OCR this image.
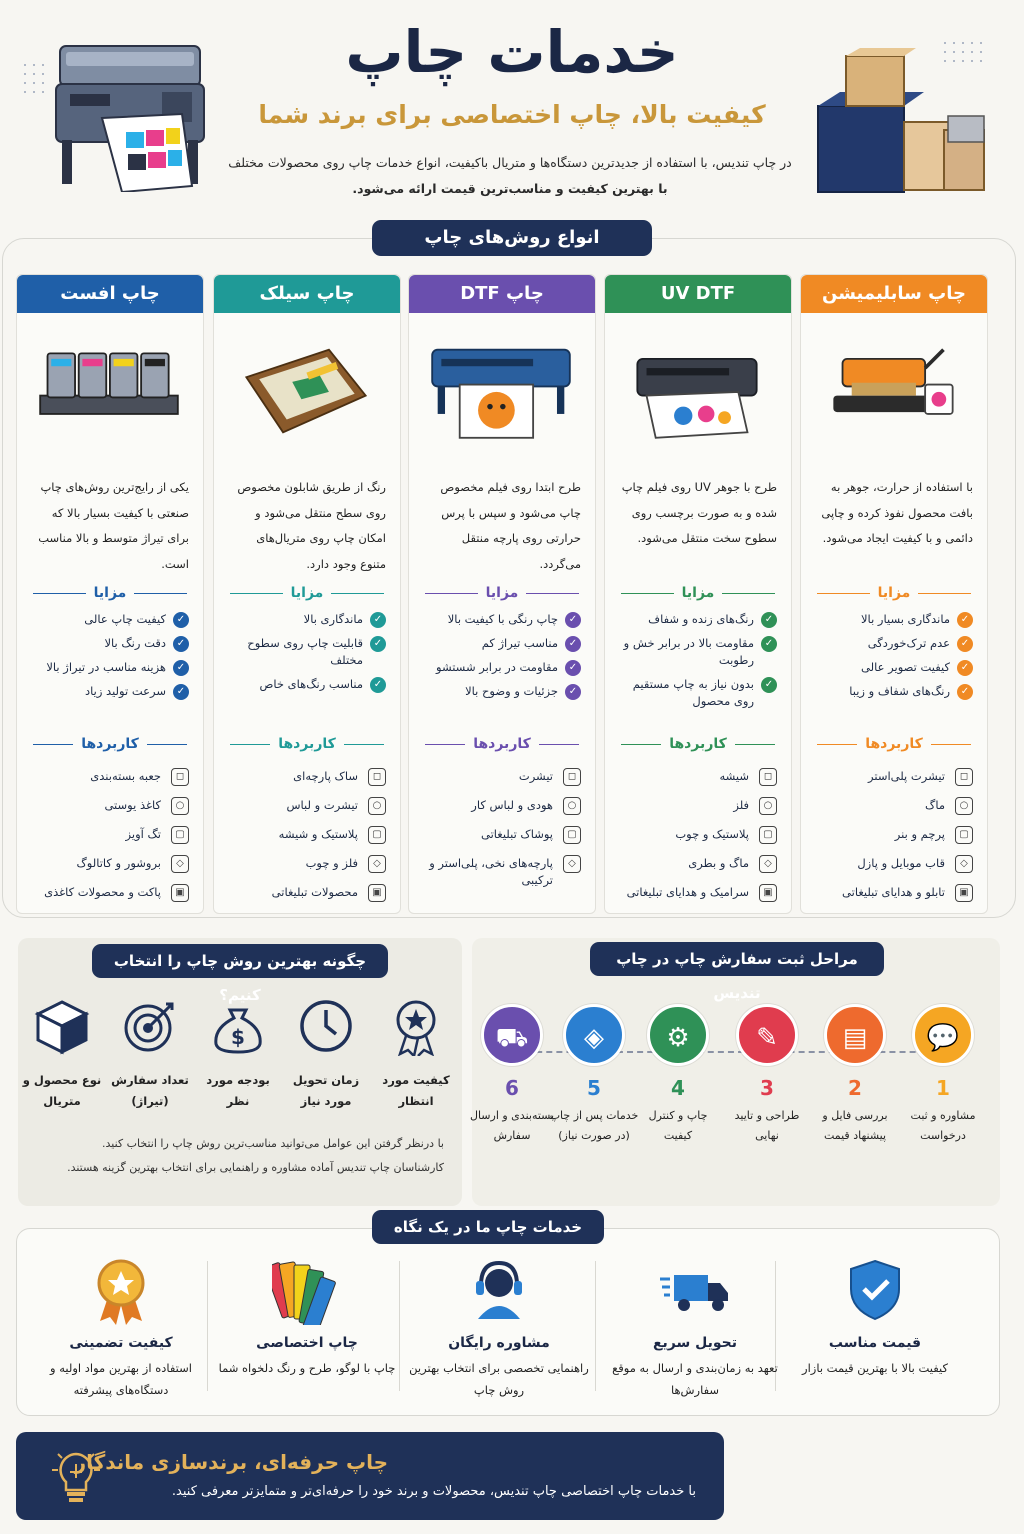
خدمات چاپ
کیفیت بالا، چاپ اختصاصی برای برند شما
در چاپ تندیس، با استفاده از جدیدترین دستگاه‌ها و متریال باکیفیت، انواع خدمات چاپ روی محصولات مختلف
با بهترین کیفیت و مناسب‌ترین قیمت ارائه می‌شود.
انواع روش‌های چاپ
چاپ سابلیمیشن
با استفاده از حرارت، جوهر به بافت محصول نفوذ کرده و چاپی دائمی و با کیفیت ایجاد می‌شود.
مزایا
✓
ماندگاری بسیار بالا
✓
عدم ترک‌خوردگی
✓
کیفیت تصویر عالی
✓
رنگ‌های شفاف و زیبا
کاربردها
◻
تیشرت پلی‌استر
○
ماگ
▢
پرچم و بنر
◇
قاب موبایل و پازل
▣
تابلو و هدایای تبلیغاتی
UV DTF
طرح با جوهر UV روی فیلم چاپ شده و به صورت برچسب روی سطوح سخت منتقل می‌شود.
مزایا
✓
رنگ‌های زنده و شفاف
✓
مقاومت بالا در برابر خش و رطوبت
✓
بدون نیاز به چاپ مستقیم روی محصول
کاربردها
◻
شیشه
○
فلز
▢
پلاستیک و چوب
◇
ماگ و بطری
▣
سرامیک و هدایای تبلیغاتی
چاپ DTF
طرح ابتدا روی فیلم مخصوص چاپ می‌شود و سپس با پرس حرارتی روی پارچه منتقل می‌گردد.
مزایا
✓
چاپ رنگی با کیفیت بالا
✓
مناسب تیراژ کم
✓
مقاومت در برابر شستشو
✓
جزئیات و وضوح بالا
کاربردها
◻
تیشرت
○
هودی و لباس کار
▢
پوشاک تبلیغاتی
◇
پارچه‌های نخی، پلی‌استر و ترکیبی
چاپ سیلک
رنگ از طریق شابلون مخصوص روی سطح منتقل می‌شود و امکان چاپ روی متریال‌های متنوع وجود دارد.
مزایا
✓
ماندگاری بالا
✓
قابلیت چاپ روی سطوح مختلف
✓
مناسب رنگ‌های خاص
کاربردها
◻
ساک پارچه‌ای
○
تیشرت و لباس
▢
پلاستیک و شیشه
◇
فلز و چوب
▣
محصولات تبلیغاتی
چاپ افست
یکی از رایج‌ترین روش‌های چاپ صنعتی با کیفیت بسیار بالا که برای تیراژ متوسط و بالا مناسب است.
مزایا
✓
کیفیت چاپ عالی
✓
دقت رنگ بالا
✓
هزینه مناسب در تیراژ بالا
✓
سرعت تولید زیاد
کاربردها
◻
جعبه بسته‌بندی
○
کاغذ یوستی
▢
تگ آویز
◇
بروشور و کاتالوگ
▣
پاکت و محصولات کاغذی
چگونه بهترین روش چاپ را انتخاب کنیم؟
کیفیت مورد انتظار
زمان تحویل مورد نیاز
$
بودجه مورد نظر
تعداد سفارش (تیراژ)
نوع محصول و متریال
با درنظر گرفتن این عوامل می‌توانید مناسب‌ترین روش چاپ را انتخاب کنید.
کارشناسان چاپ تندیس آماده مشاوره و راهنمایی برای انتخاب بهترین گزینه هستند.
مراحل ثبت سفارش چاپ در چاپ تندیس
💬
1
مشاوره و ثبت درخواست
▤
2
بررسی فایل و پیشنهاد قیمت
✎
3
طراحی و تایید نهایی
⚙
4
چاپ و کنترل کیفیت
◈
5
خدمات پس از چاپ (در صورت نیاز)
⛟
6
بسته‌بندی و ارسال سفارش
قیمت مناسب
کیفیت بالا با بهترین قیمت بازار
تحویل سریع
تعهد به زمان‌بندی و ارسال به موقع سفارش‌ها
مشاوره رایگان
راهنمایی تخصصی برای انتخاب بهترین روش چاپ
چاپ اختصاصی
چاپ با لوگو، طرح و رنگ دلخواه شما
کیفیت تضمینی
استفاده از بهترین مواد اولیه و دستگاه‌های پیشرفته
خدمات چاپ ما در یک نگاه
چاپ حرفه‌ای، برندسازی ماندگار
با خدمات چاپ اختصاصی چاپ تندیس، محصولات و برند خود را حرفه‌ای‌تر و متمایزتر معرفی کنید.
